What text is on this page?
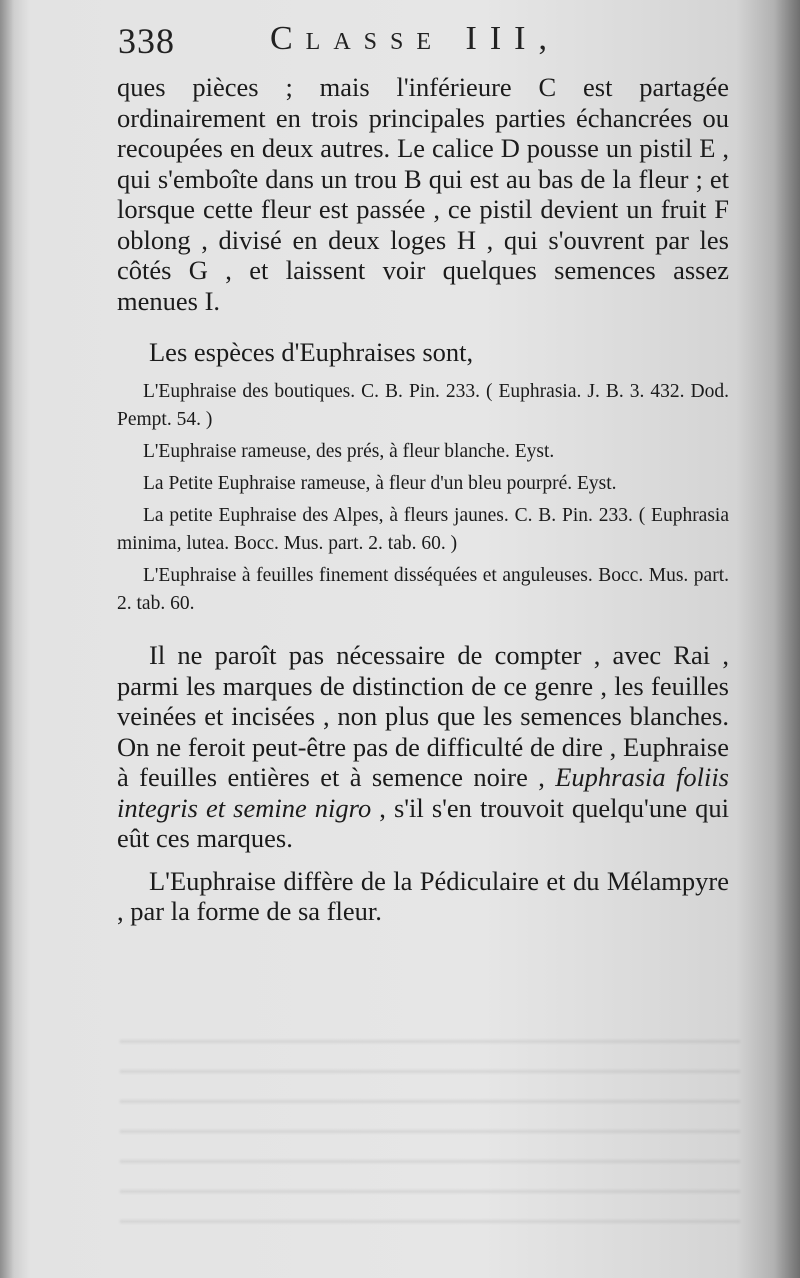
338	Classe III,

ques pièces ; mais l'inférieure C est partagée ordinairement en trois principales parties échancrées ou recoupées en deux autres. Le calice D pousse un pistil E , qui s'emboîte dans un trou B qui est au bas de la fleur ; et lorsque cette fleur est passée , ce pistil devient un fruit F oblong , divisé en deux loges H , qui s'ouvrent par les côtés G , et laissent voir quelques semences assez menues I.

Les espèces d'Euphraises sont,

L'Euphraise des boutiques. C. B. Pin. 233. ( Euphrasia. J. B. 3. 432. Dod. Pempt. 54. )

L'Euphraise rameuse, des prés, à fleur blanche. Eyst.

La Petite Euphraise rameuse, à fleur d'un bleu pourpré. Eyst.

La petite Euphraise des Alpes, à fleurs jaunes. C. B. Pin. 233. ( Euphrasia minima, lutea. Bocc. Mus. part. 2. tab. 60. )

L'Euphraise à feuilles finement disséquées et anguleuses. Bocc. Mus. part. 2. tab. 60.

Il ne paroît pas nécessaire de compter , avec Rai , parmi les marques de distinction de ce genre , les feuilles veinées et incisées , non plus que les semences blanches. On ne feroit peut-être pas de difficulté de dire , Euphraise à feuilles entières et à semence noire , Euphrasia foliis integris et semine nigro , s'il s'en trouvoit quelqu'une qui eût ces marques.

L'Euphraise diffère de la Pédiculaire et du Mélampyre , par la forme de sa fleur.
